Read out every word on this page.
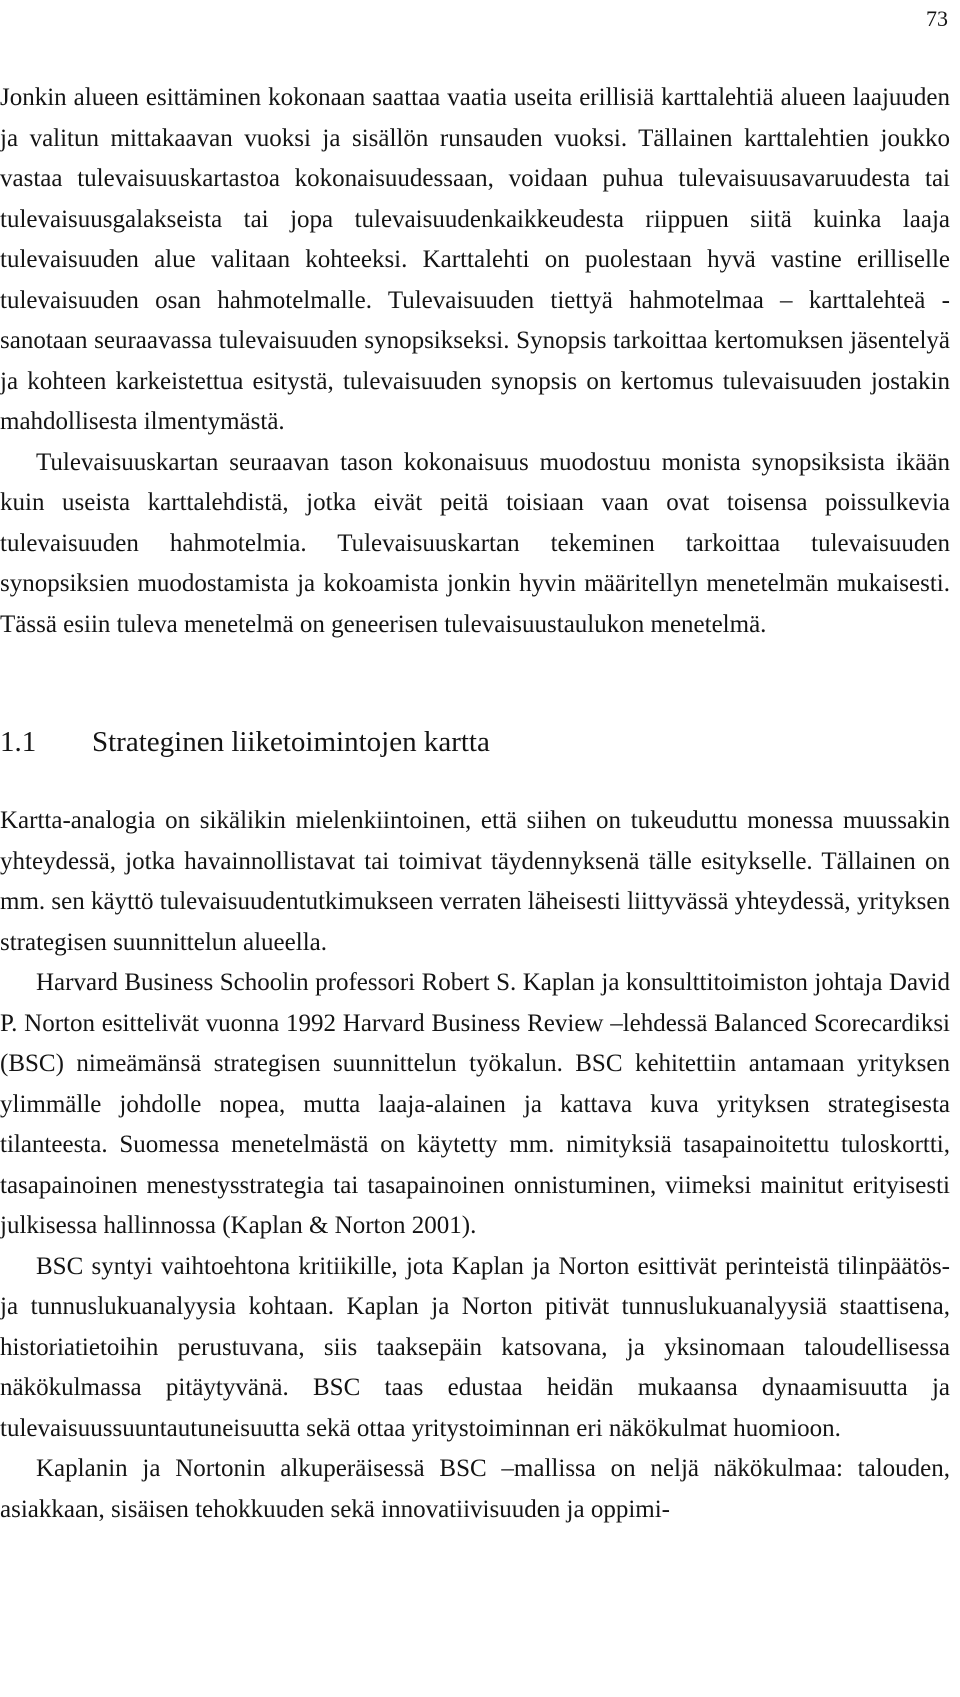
73

Jonkin alueen esittäminen kokonaan saattaa vaatia useita erillisiä karttalehtiä alueen laajuuden ja valitun mittakaavan vuoksi ja sisällön runsauden vuoksi. Tällainen karttalehtien joukko vastaa tulevaisuuskartastoa kokonaisuudessaan, voidaan puhua tulevaisuusavaruudesta tai tulevaisuusgalakseista tai jopa tulevaisuudenkaikkeudesta riippuen siitä kuinka laaja tulevaisuuden alue valitaan kohteeksi. Karttalehti on puolestaan hyvä vastine erilliselle tulevaisuuden osan hahmotelmalle. Tulevaisuuden tiettyä hahmotelmaa – karttalehteä - sanotaan seuraavassa tulevaisuuden synopsikseksi. Synopsis tarkoittaa kertomuksen jäsentelyä ja kohteen karkeistettua esitystä, tulevaisuuden synopsis on kertomus tulevaisuuden jostakin mahdollisesta ilmentymästä.

Tulevaisuuskartan seuraavan tason kokonaisuus muodostuu monista synopsiksista ikään kuin useista karttalehdistä, jotka eivät peitä toisiaan vaan ovat toisensa poissulkevia tulevaisuuden hahmotelmia. Tulevaisuuskartan tekeminen tarkoittaa tulevaisuuden synopsiksien muodostamista ja kokoamista jonkin hyvin määritellyn menetelmän mukaisesti. Tässä esiin tuleva menetelmä on geneerisen tulevaisuustaulukon menetelmä.

1.1	Strateginen liiketoimintojen kartta

Kartta-analogia on sikälikin mielenkiintoinen, että siihen on tukeuduttu monessa muussakin yhteydessä, jotka havainnollistavat tai toimivat täydennyksenä tälle esitykselle. Tällainen on mm. sen käyttö tulevaisuudentutkimukseen verraten läheisesti liittyvässä yhteydessä, yrityksen strategisen suunnittelun alueella.

Harvard Business Schoolin professori Robert S. Kaplan ja konsulttitoimiston johtaja David P. Norton esittelivät vuonna 1992 Harvard Business Review –lehdessä Balanced Scorecardiksi (BSC) nimeämänsä strategisen suunnittelun työkalun. BSC kehitettiin antamaan yrityksen ylimmälle johdolle nopea, mutta laaja-alainen ja kattava kuva yrityksen strategisesta tilanteesta. Suomessa menetelmästä on käytetty mm. nimityksiä tasapainoitettu tuloskortti, tasapainoinen menestysstrategia tai tasapainoinen onnistuminen, viimeksi mainitut erityisesti julkisessa hallinnossa (Kaplan & Norton 2001).

BSC syntyi vaihtoehtona kritiikille, jota Kaplan ja Norton esittivät perinteistä tilinpäätös- ja tunnuslukuanalyysia kohtaan. Kaplan ja Norton pitivät tunnuslukuanalyysiä staattisena, historiatietoihin perustuvana, siis taaksepäin katsovana, ja yksinomaan taloudellisessa näkökulmassa pitäytyvänä. BSC taas edustaa heidän mukaansa dynaamisuutta ja tulevaisuussuuntautuneisuutta sekä ottaa yritystoiminnan eri näkökulmat huomioon.

Kaplanin ja Nortonin alkuperäisessä BSC –mallissa on neljä näkökulmaa: talouden, asiakkaan, sisäisen tehokkuuden sekä innovatiivisuuden ja oppimi-
